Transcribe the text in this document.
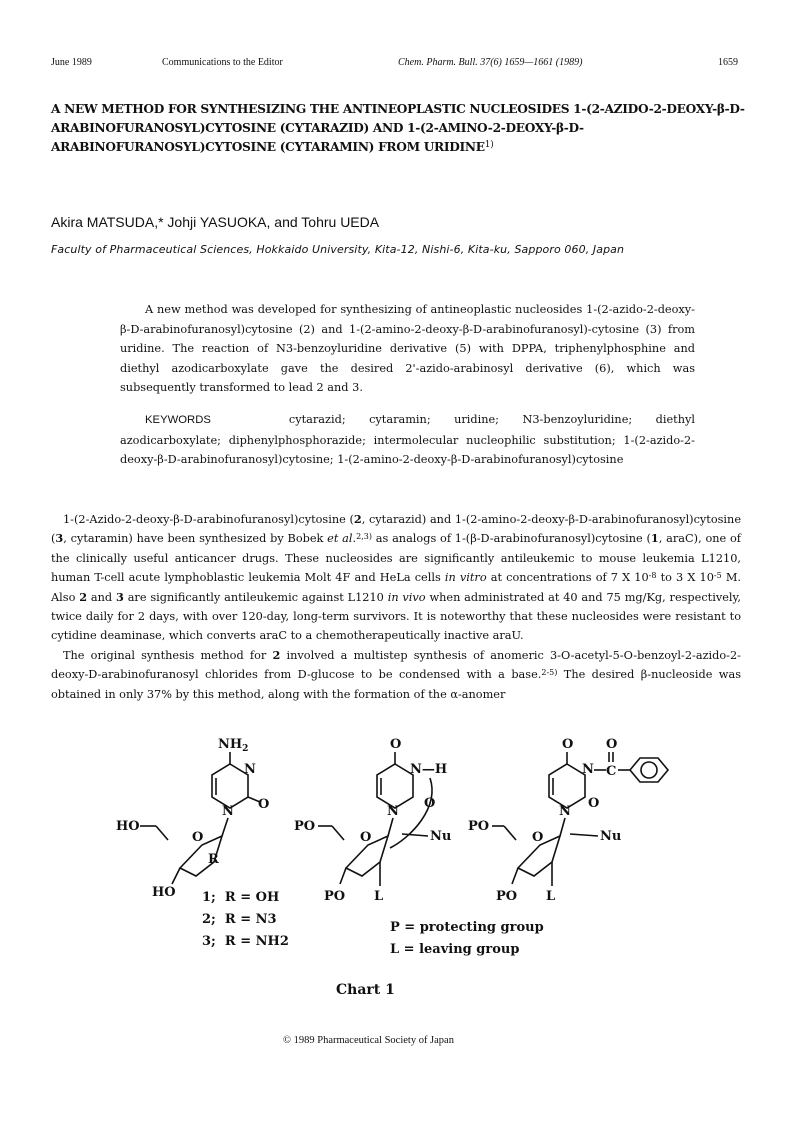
June 1989	Communications to the Editor	Chem. Pharm. Bull. 37(6) 1659—1661 (1989)	1659
A NEW METHOD FOR SYNTHESIZING THE ANTINEOPLASTIC NUCLEOSIDES 1-(2-AZIDO-2-DEOXY-β-D-ARABINOFURANOSYL)CYTOSINE (CYTARAZID) AND 1-(2-AMINO-2-DEOXY-β-D-ARABINOFURANOSYL)CYTOSINE (CYTARAMIN) FROM URIDINE$^{1)}$
Akira MATSUDA,* Johji YASUOKA, and Tohru UEDA
Faculty of Pharmaceutical Sciences, Hokkaido University, Kita-12, Nishi-6, Kita-ku, Sapporo 060, Japan

A new method was developed for synthesizing of antineoplastic nucleosides 1-(2-azido-2-deoxy-β-D-arabinofuranosyl)cytosine (2) and 1-(2-amino-2-deoxy-β-D-arabinofuranosyl)-cytosine (3) from uridine. The reaction of N3-benzoyluridine derivative (5) with DPPA, triphenylphosphine and diethyl azodicarboxylate gave the desired 2'-azido-arabinosyl derivative (6), which was subsequently transformed to lead 2 and 3.

KEYWORDS	cytarazid; cytaramin; uridine; N3-benzoyluridine; diethyl azodicarboxylate; diphenylphosphorazide; intermolecular nucleophilic substitution; 1-(2-azido-2-deoxy-β-D-arabinofuranosyl)cytosine; 1-(2-amino-2-deoxy-β-D-arabinofuranosyl)cytosine

1-(2-Azido-2-deoxy-β-D-arabinofuranosyl)cytosine (2, cytarazid) and 1-(2-amino-2-deoxy-β-D-arabinofuranosyl)cytosine (3, cytaramin) have been synthesized by Bobek et al.$^{2,3)}$ as analogs of 1-(β-D-arabinofuranosyl)cytosine (1, araC), one of the clinically useful anticancer drugs. These nucleosides are significantly antileukemic to mouse leukemia L1210, human T-cell acute lymphoblastic leukemia Molt 4F and HeLa cells in vitro at concentrations of 7 X $10^{-8}$ to 3 X $10^{-5}$ M. Also 2 and 3 are significantly antileukemic against L1210 in vivo when administrated at 40 and 75 mg/Kg, respectively, twice daily for 2 days, with over 120-day, long-term survivors. It is noteworthy that these nucleosides were resistant to cytidine deaminase, which converts araC to a chemotherapeutically inactive araU.

The original synthesis method for 2 involved a multistep synthesis of anomeric 3-O-acetyl-5-O-benzoyl-2-azido-2-deoxy-D-arabinofuranosyl chlorides from D-glucose to be condensed with a base.$^{2-5)}$ The desired β-nucleoside was obtained in only 37% by this method, along with the formation of the α-anomer

$NH_2$
N
N O
O
HO
R
HO
O
N—H
N
O
O
PO
Nu
L
PO
O
N C
O
N
O
O
PO
Nu
L
PO
1; R = OH
2; R = N3
3; R = NH2
P = protecting group
L = leaving group
Chart 1
© 1989 Pharmaceutical Society of Japan
